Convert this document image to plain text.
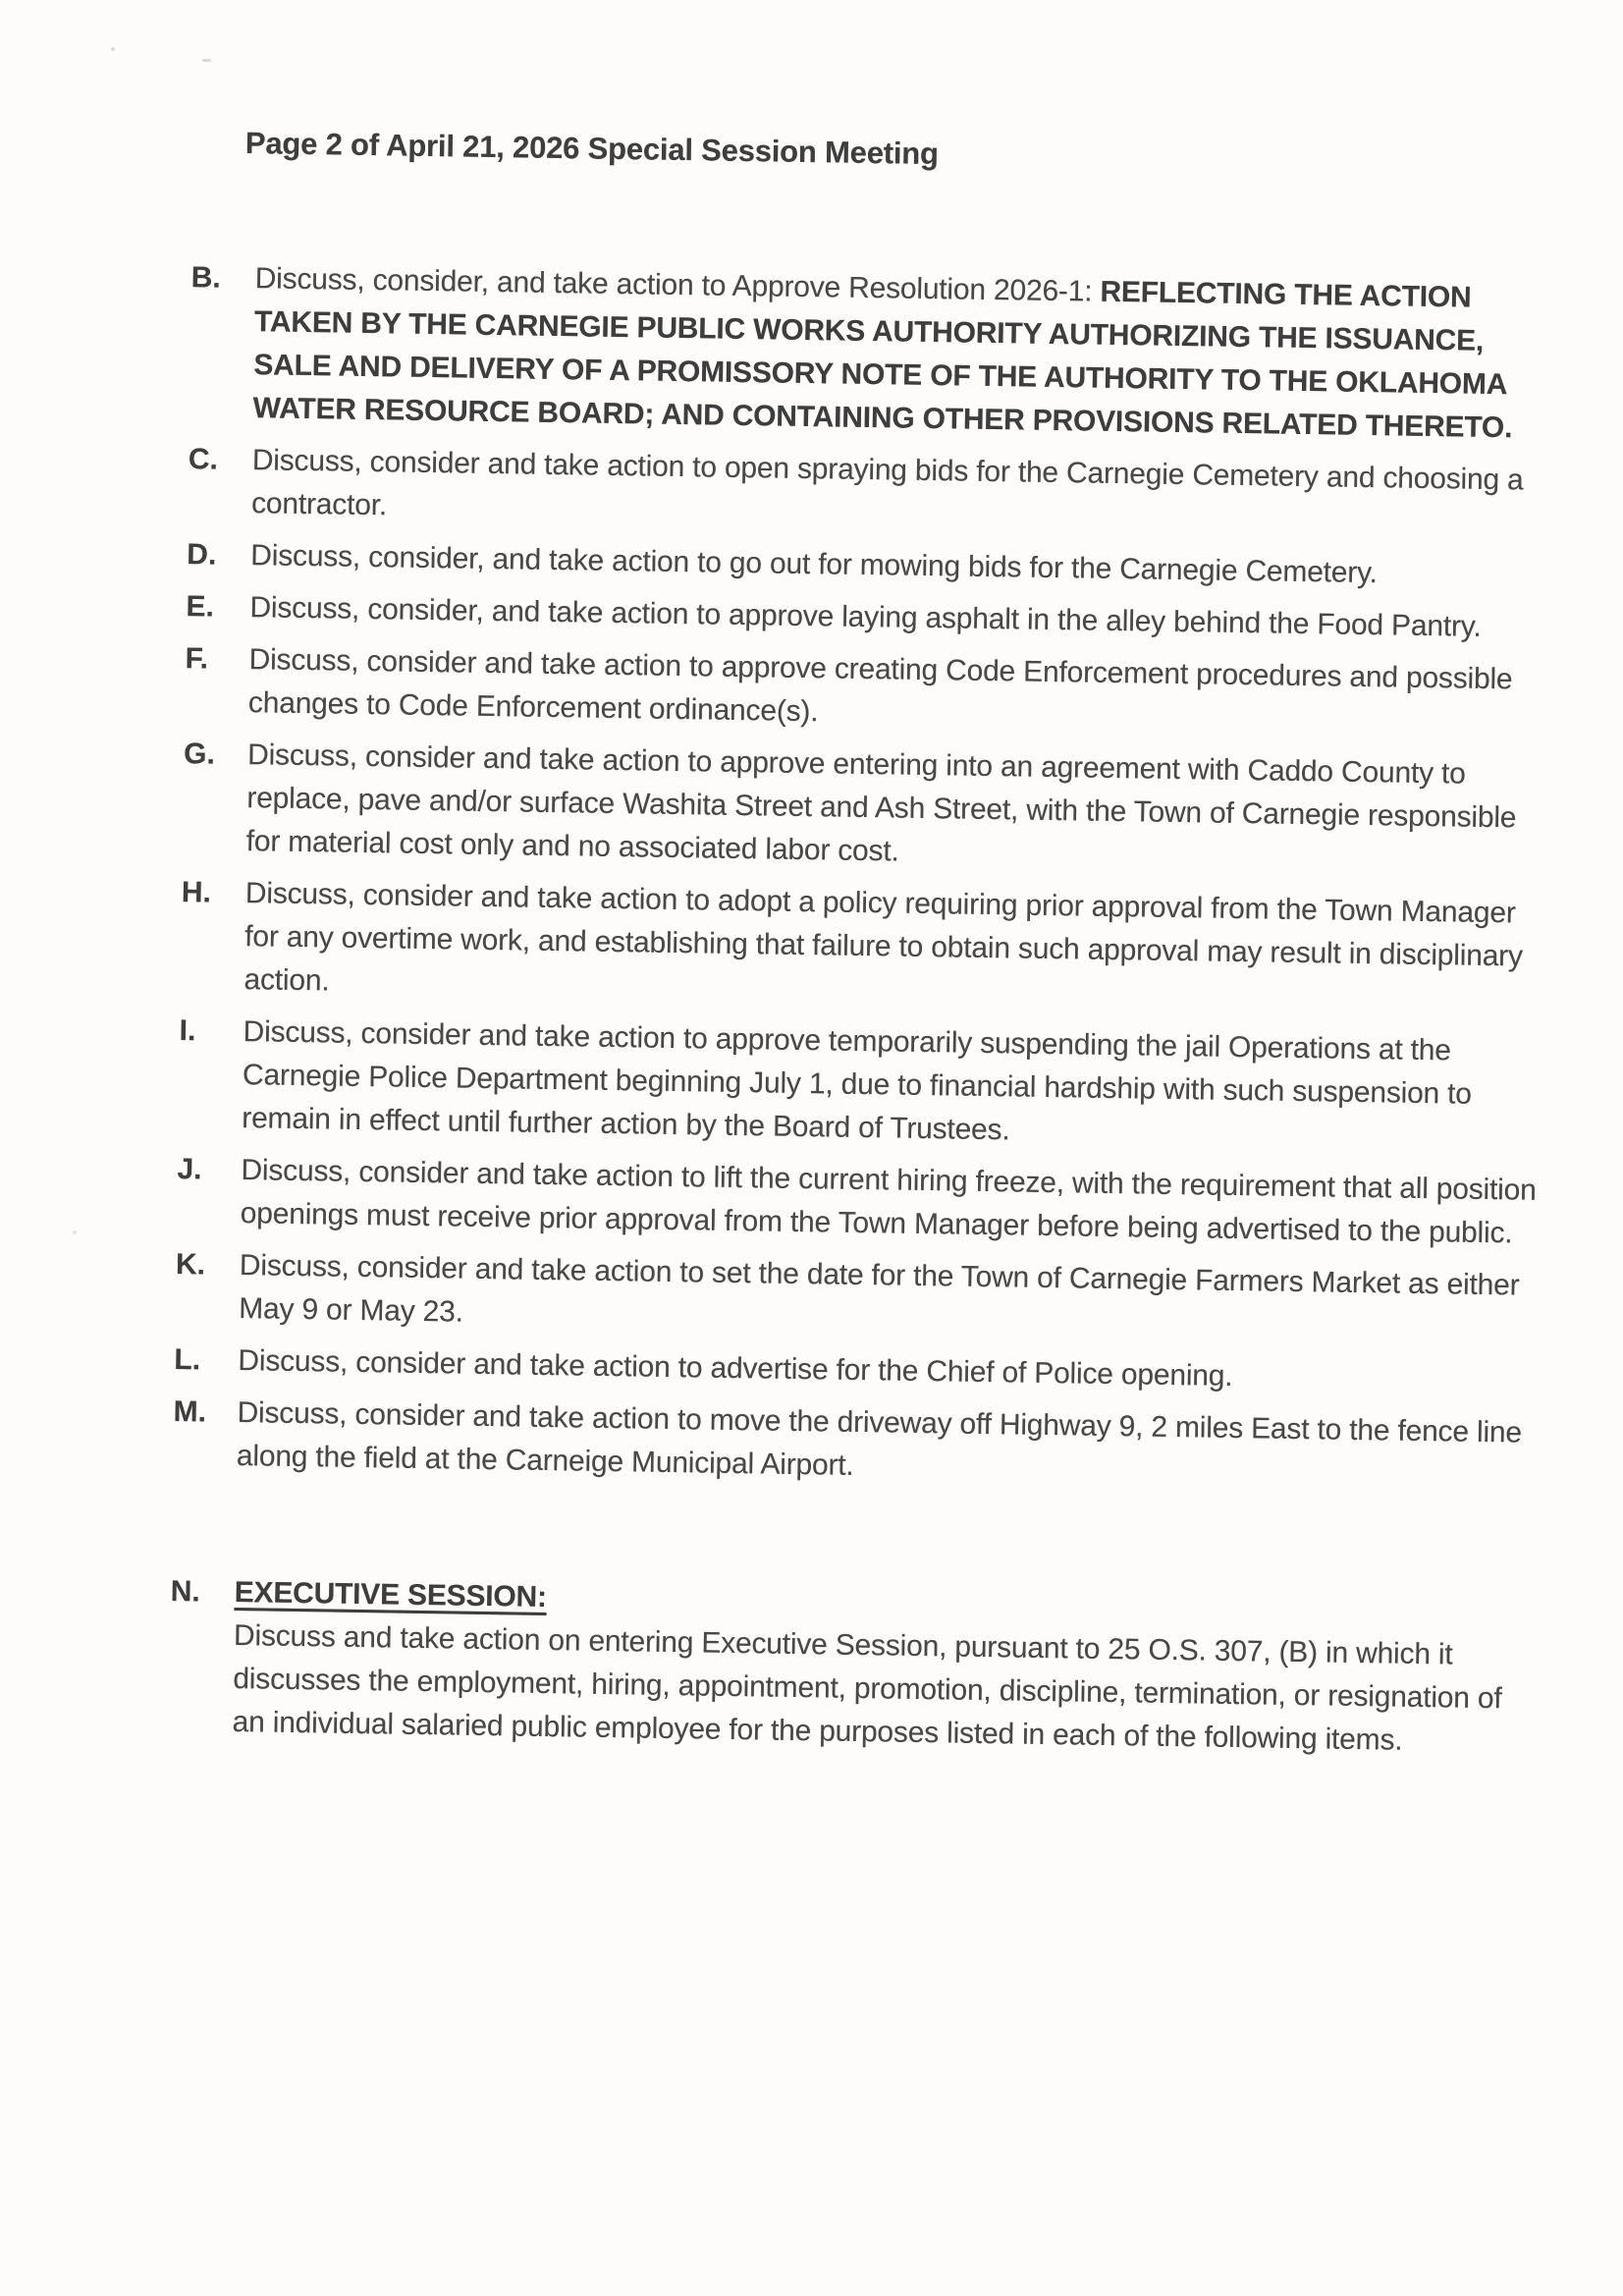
Page 2 of April 21, 2026 Special Session Meeting
B.	Discuss, consider, and take action to Approve Resolution 2026-1: REFLECTING THE ACTION TAKEN BY THE CARNEGIE PUBLIC WORKS AUTHORITY AUTHORIZING THE ISSUANCE, SALE AND DELIVERY OF A PROMISSORY NOTE OF THE AUTHORITY TO THE OKLAHOMA WATER RESOURCE BOARD; AND CONTAINING OTHER PROVISIONS RELATED THERETO.
C.	Discuss, consider and take action to open spraying bids for the Carnegie Cemetery and choosing a contractor.
D.	Discuss, consider, and take action to go out for mowing bids for the Carnegie Cemetery.
E.	Discuss, consider, and take action to approve laying asphalt in the alley behind the Food Pantry.
F.	Discuss, consider and take action to approve creating Code Enforcement procedures and possible changes to Code Enforcement ordinance(s).
G.	Discuss, consider and take action to approve entering into an agreement with Caddo County to replace, pave and/or surface Washita Street and Ash Street, with the Town of Carnegie responsible for material cost only and no associated labor cost.
H.	Discuss, consider and take action to adopt a policy requiring prior approval from the Town Manager for any overtime work, and establishing that failure to obtain such approval may result in disciplinary action.
I.	Discuss, consider and take action to approve temporarily suspending the jail Operations at the Carnegie Police Department beginning July 1, due to financial hardship with such suspension to remain in effect until further action by the Board of Trustees.
J.	Discuss, consider and take action to lift the current hiring freeze, with the requirement that all position openings must receive prior approval from the Town Manager before being advertised to the public.
K.	Discuss, consider and take action to set the date for the Town of Carnegie Farmers Market as either May 9 or May 23.
L.	Discuss, consider and take action to advertise for the Chief of Police opening.
M.	Discuss, consider and take action to move the driveway off Highway 9, 2 miles East to the fence line along the field at the Carneige Municipal Airport.
N.	EXECUTIVE SESSION:
Discuss and take action on entering Executive Session, pursuant to 25 O.S. 307, (B) in which it discusses the employment, hiring, appointment, promotion, discipline, termination, or resignation of an individual salaried public employee for the purposes listed in each of the following items.
